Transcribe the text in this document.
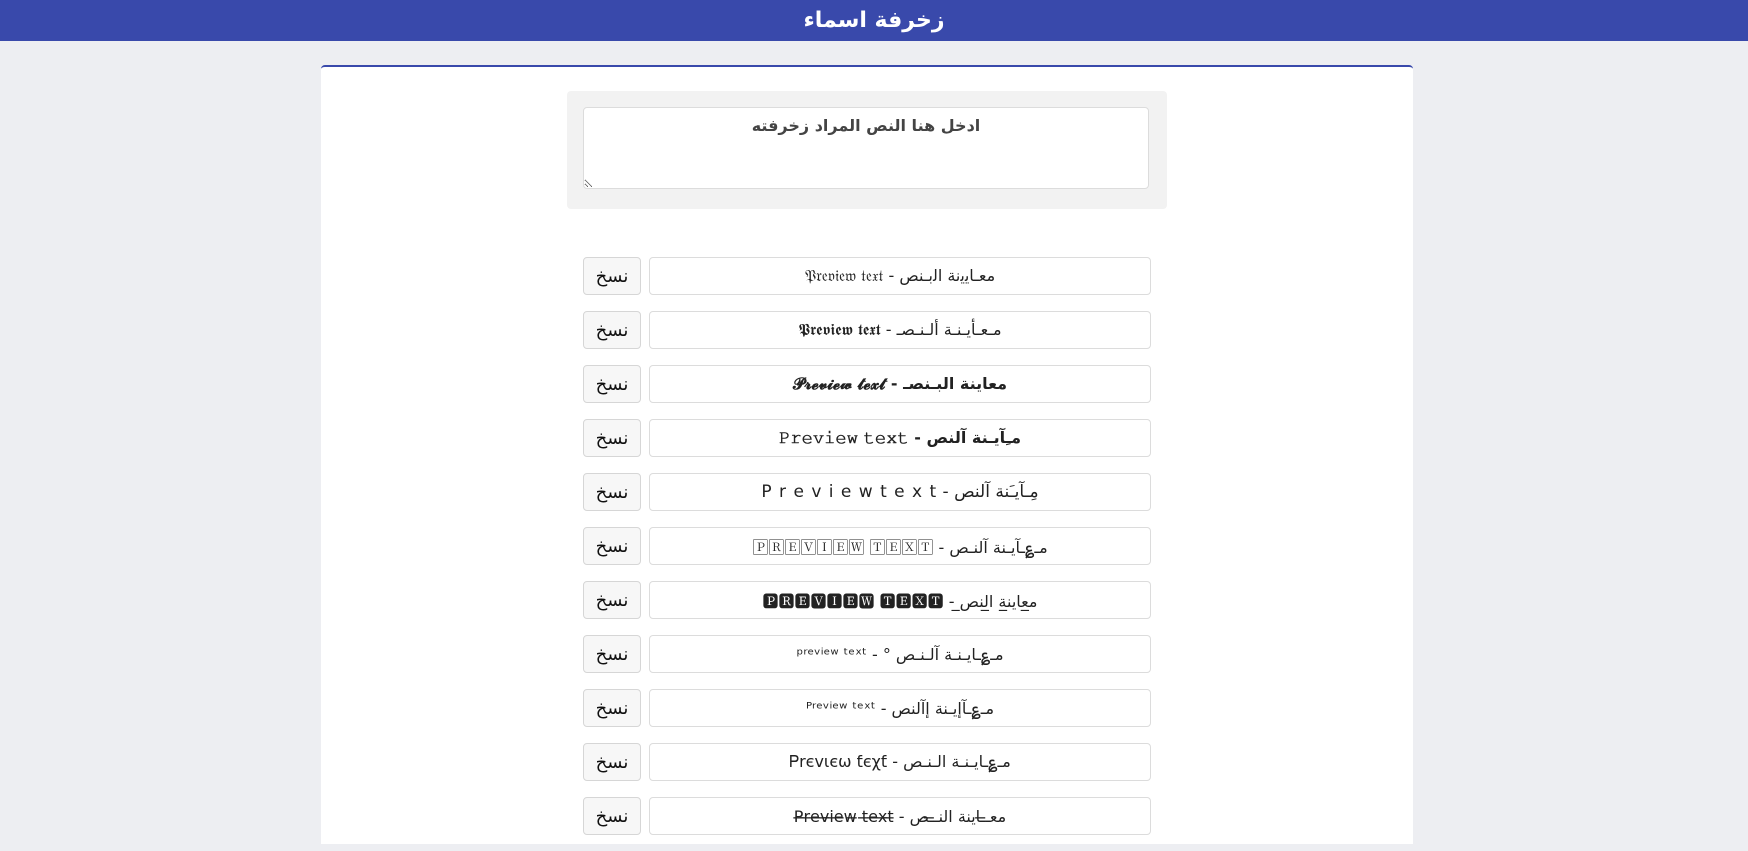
زخرفة اسماء
ادخل هنا النص المراد زخرفته
نسخ	معـاﯾﯾنة اﻟبـنص - 𝔓𝔯𝔢𝔳𝔦𝔢𝔴 𝔱𝔢𝔵𝔱
نسخ	مـعـأيـنـة ألـنـصـ - 𝕻𝖗𝖊𝖛𝖎𝖊𝖜 𝖙𝖊𝖝𝖙
نسخ	معاينة البـنصـ - 𝓟𝓻𝓮𝓿𝓲𝓮𝔀 𝓽𝓮𝔁𝓽
نسخ	مـِآيـنة آلنص - 𝙿𝚛𝚎𝚟𝚒𝚎𝚠 𝚝𝚎𝚡𝚝
نسخ	مِـآيـَنة آلنص - P r e v i e w t e x t
نسخ	مـ؏ـآيـنة آلنـص - 🄿🅁🄴🅅🄸🄴🅆 🅃🄴🅇🅃
نسخ	م̲عاين̲ة ا̲لنص̲ - 🅿🆁🅴🆅🅸🅴🆆 🆃🅴🆇🆃
نسخ	مـ؏ـايـنـة آلـنـص ° - ᵖʳᵉᵛⁱᵉʷ ᵗᵉˣᵗ
نسخ	مـ؏ـآإيـنة إآلنص - ᴾʳᵉᵛⁱᵉʷ ᵗᵉˣᵗ
نسخ	مـ؏ـايـنـة الـنـص - Ꮲrєvιєω ƭєχƭ
نسخ	معـ̶ـاينة النـ̶ـص - P̶r̶e̶v̶i̶e̶w̶ t̶e̶x̶t̶
